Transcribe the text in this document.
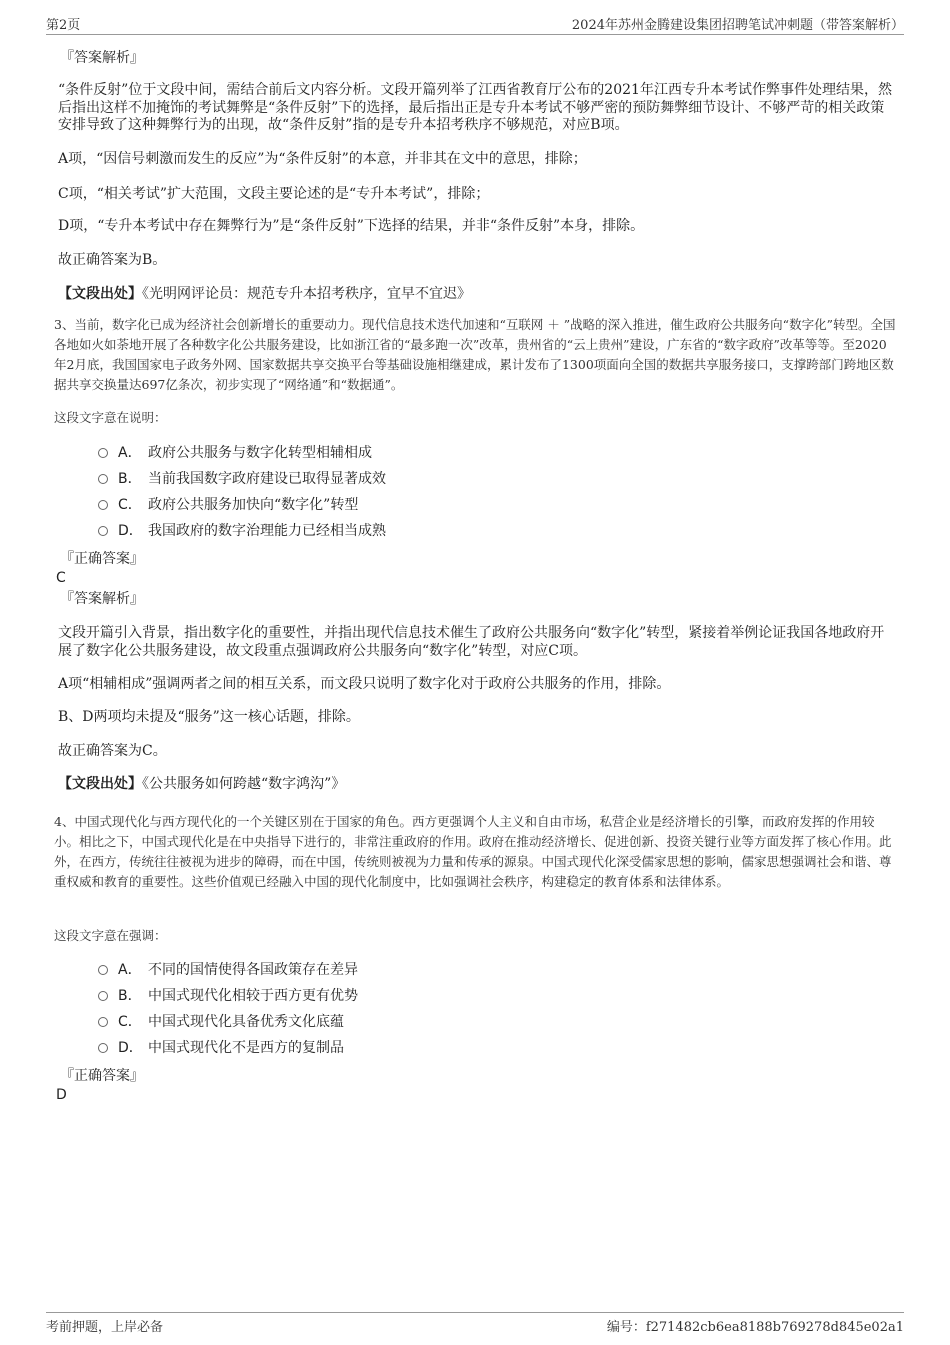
第2页	2024年苏州金腾建设集团招聘笔试冲刺题（带答案解析）

『答案解析』

“条件反射”位于文段中间，需结合前后文内容分析。文段开篇列举了江西省教育厅公布的2021年江西专升本考试作弊事件处理结果，然后指出这样不加掩饰的考试舞弊是“条件反射”下的选择，最后指出正是专升本考试不够严密的预防舞弊细节设计、不够严苛的相关政策安排导致了这种舞弊行为的出现，故“条件反射”指的是专升本招考秩序不够规范，对应B项。

A项，“因信号刺激而发生的反应”为“条件反射”的本意，并非其在文中的意思，排除；

C项，“相关考试”扩大范围，文段主要论述的是“专升本考试”，排除；

D项，“专升本考试中存在舞弊行为”是“条件反射”下选择的结果，并非“条件反射”本身，排除。

故正确答案为B。

【文段出处】《光明网评论员：规范专升本招考秩序，宜早不宜迟》

3、当前，数字化已成为经济社会创新增长的重要动力。现代信息技术迭代加速和“互联网 ＋ ”战略的深入推进，催生政府公共服务向“数字化”转型。全国各地如火如荼地开展了各种数字化公共服务建设，比如浙江省的“最多跑一次”改革，贵州省的“云上贵州”建设，广东省的“数字政府”改革等等。至2020年2月底，我国国家电子政务外网、国家数据共享交换平台等基础设施相继建成，累计发布了1300项面向全国的数据共享服务接口，支撑跨部门跨地区数据共享交换量达697亿条次，初步实现了“网络通”和“数据通”。

这段文字意在说明：

A． 政府公共服务与数字化转型相辅相成
B． 当前我国数字政府建设已取得显著成效
C． 政府公共服务加快向“数字化”转型
D． 我国政府的数字治理能力已经相当成熟

『正确答案』

C

『答案解析』

文段开篇引入背景，指出数字化的重要性，并指出现代信息技术催生了政府公共服务向“数字化”转型，紧接着举例论证我国各地政府开展了数字化公共服务建设，故文段重点强调政府公共服务向“数字化”转型，对应C项。

A项“相辅相成”强调两者之间的相互关系，而文段只说明了数字化对于政府公共服务的作用，排除。

B、D两项均未提及“服务”这一核心话题，排除。

故正确答案为C。

【文段出处】《公共服务如何跨越“数字鸿沟”》

4、中国式现代化与西方现代化的一个关键区别在于国家的角色。西方更强调个人主义和自由市场，私营企业是经济增长的引擎，而政府发挥的作用较小。相比之下，中国式现代化是在中央指导下进行的，非常注重政府的作用。政府在推动经济增长、促进创新、投资关键行业等方面发挥了核心作用。此外，在西方，传统往往被视为进步的障碍，而在中国，传统则被视为力量和传承的源泉。中国式现代化深受儒家思想的影响，儒家思想强调社会和谐、尊重权威和教育的重要性。这些价值观已经融入中国的现代化制度中，比如强调社会秩序，构建稳定的教育体系和法律体系。

这段文字意在强调：

A． 不同的国情使得各国政策存在差异
B． 中国式现代化相较于西方更有优势
C． 中国式现代化具备优秀文化底蕴
D． 中国式现代化不是西方的复制品

『正确答案』

D

考前押题，上岸必备	编号：f271482cb6ea8188b769278d845e02a1
